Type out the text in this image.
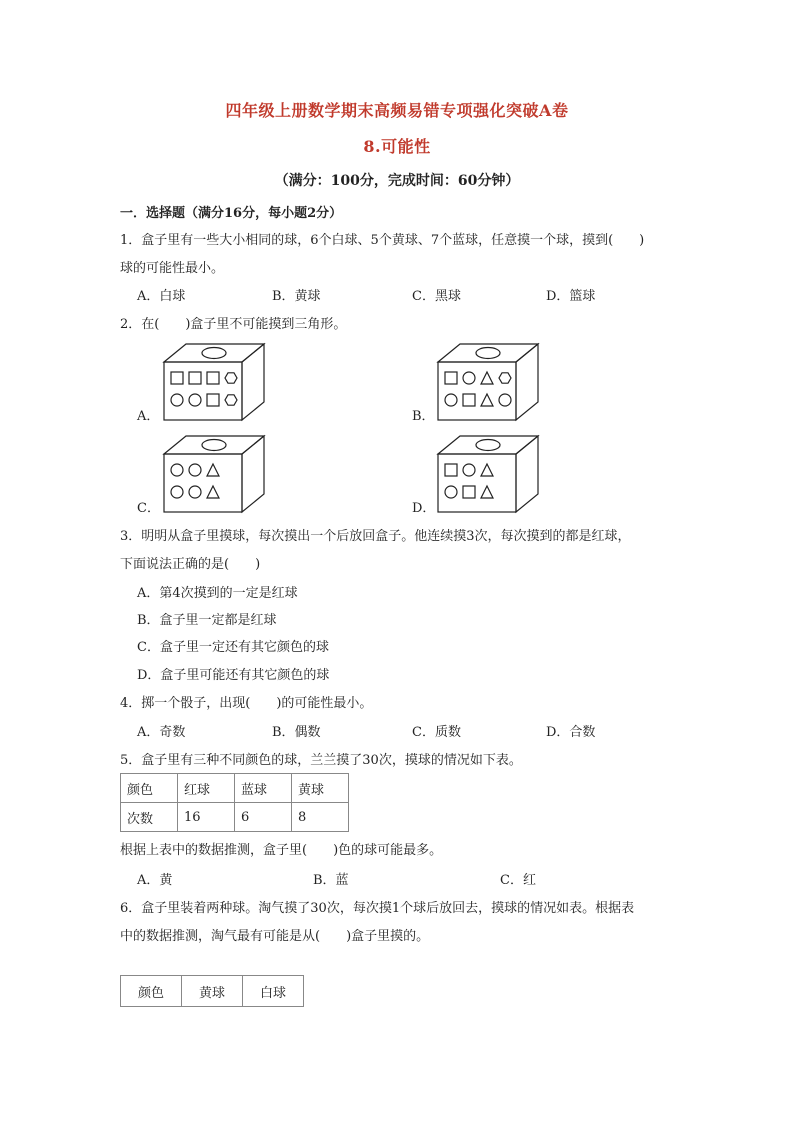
四年级上册数学期末高频易错专项强化突破A卷
8.可能性
（满分：100分，完成时间：60分钟）
一．选择题（满分16分，每小题2分）
1．盒子里有一些大小相同的球，6个白球、5个黄球、7个蓝球，任意摸一个球，摸到(　　)
球的可能性最小。
A．白球	B．黄球	C．黑球	D．篮球
2．在(　　)盒子里不可能摸到三角形。
A．	B．
C．	D．
3．明明从盒子里摸球，每次摸出一个后放回盒子。他连续摸3次，每次摸到的都是红球，
下面说法正确的是(　　)
A．第4次摸到的一定是红球
B．盒子里一定都是红球
C．盒子里一定还有其它颜色的球
D．盒子里可能还有其它颜色的球
4．掷一个骰子，出现(　　)的可能性最小。
A．奇数	B．偶数	C．质数	D．合数
5．盒子里有三种不同颜色的球，兰兰摸了30次，摸球的情况如下表。
颜色	红球	蓝球	黄球
次数	16	6	8
根据上表中的数据推测，盒子里(　　)色的球可能最多。
A．黄	B．蓝	C．红
6．盒子里装着两种球。淘气摸了30次，每次摸1个球后放回去，摸球的情况如表。根据表
中的数据推测，淘气最有可能是从(　　)盒子里摸的。
颜色	黄球	白球
